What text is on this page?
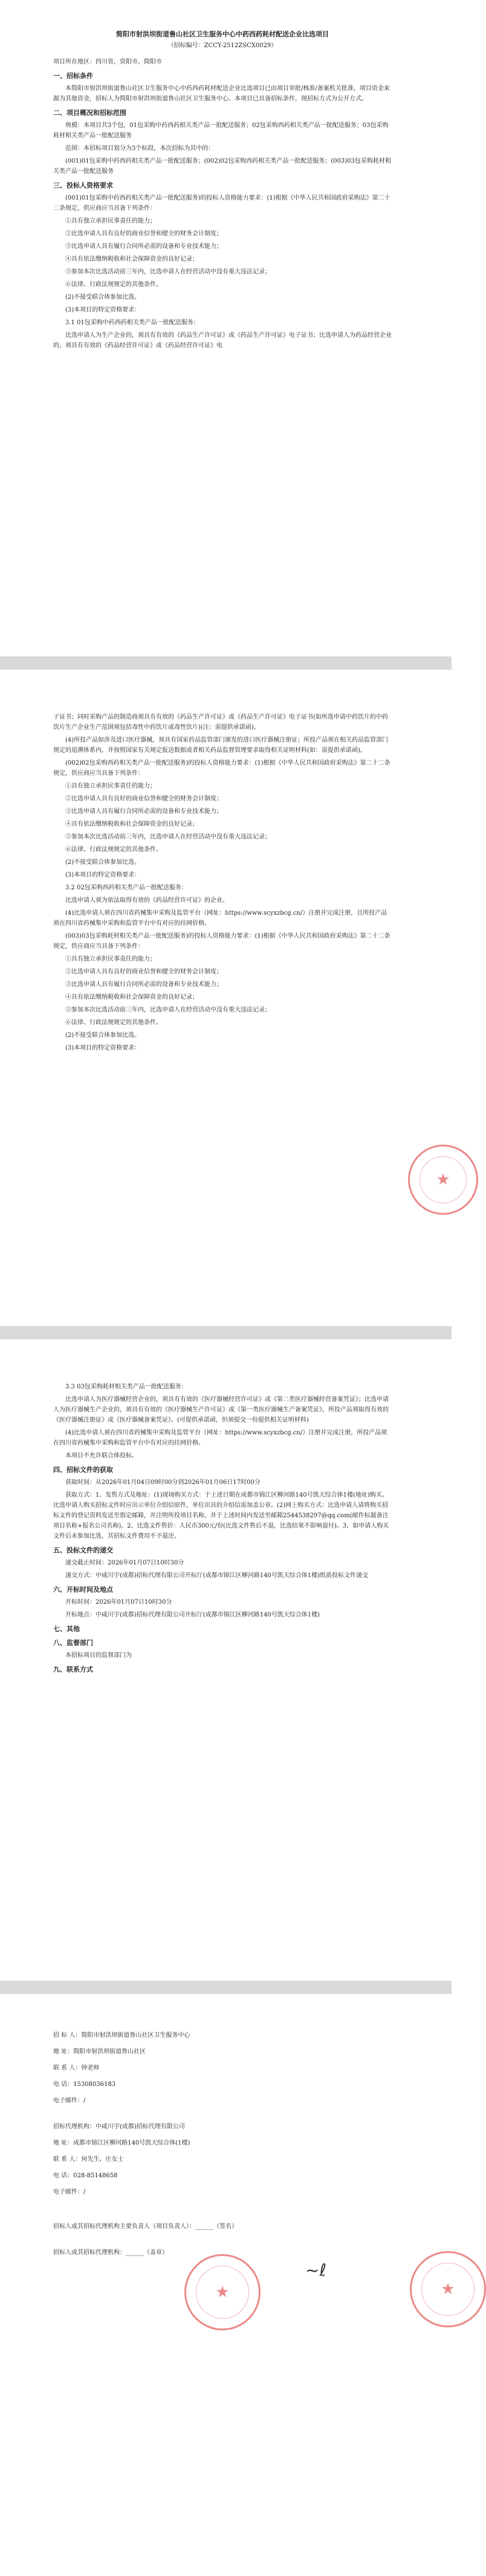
简阳市射洪坝街道鲁山社区卫生服务中心中药西药耗材配送企业比选项目
（招标编号：ZCCY-2512ZSCX0029）

项目所在地区：四川省，资阳市，简阳市

一、招标条件

本简阳市射洪坝街道鲁山社区卫生服务中心中药西药耗材配送企业比选项目已由项目审批/核准/备案机关批准，项目资金来源为其他资金，招标人为简阳市射洪坝街道鲁山社区卫生服务中心。本项目已具备招标条件，现招标方式为公开方式。

二、项目概况和招标范围

规模：本项目共3个包，01包采购中药西药相关类产品一批配送服务；02包采购西药相关类产品一批配送服务；03包采购耗材相关类产品一批配送服务

范围：本招标项目划分为3个标段，本次招标为其中的：

(001)01包采购中药西药相关类产品一批配送服务；(002)02包采购西药相关类产品一批配送服务；(003)03包采购耗材相关类产品一批配送服务

三、投标人资格要求

(001)01包采购中药西药相关类产品一批配送服务)的投标人资格能力要求：(1)根据《中华人民共和国政府采购法》第二十二条规定，供应商应当具备下列条件：

①具有独立承担民事责任的能力；

②比选申请人具有良好的商业信誉和健全的财务会计制度；

③比选申请人具有履行合同所必需的设备和专业技术能力；

④具有依法缴纳税收和社会保障资金的良好记录；

⑤参加本次比选活动前三年内，比选申请人在经营活动中没有重大违法记录；

⑥法律、行政法规规定的其他条件。

(2)不接受联合体参加比选。

(3)本项目的特定资格要求：

3.1 01包采购中药西药相关类产品一批配送服务：

比选申请人为生产企业的，须具有有效的《药品生产许可证》或《药品生产许可证》电子证书；比选申请人为药品经营企业的，须具有有效的《药品经营许可证》或《药品经营许可证》电

子证书；同时采购产品的制造商须具有有效的《药品生产许可证》或《药品生产许可证》电子证书(如所选申请中药饮片的中药饮片生产企业生产范围须包括毒性中药饮片或毒性饮片)(注：需提供承诺函)。

(4)所投产品如涉及进口医疗器械，须具有国家药品监管部门颁发的进口医疗器械注册证；所投产品须在相关药品监管部门规定的追溯体系内，并按照国家有关规定报送数据或者相关药品监督管理要求取得相关证明材料(如：需提供承诺函)。

(002)02包采购西药相关类产品一批配送服务)的投标人资格能力要求：(1)根据《中华人民共和国政府采购法》第二十二条规定，供应商应当具备下列条件：

①具有独立承担民事责任的能力；

②比选申请人具有良好的商业信誉和健全的财务会计制度；

③比选申请人具有履行合同所必需的设备和专业技术能力；

④具有依法缴纳税收和社会保障资金的良好记录；

⑤参加本次比选活动前三年内，比选申请人在经营活动中没有重大违法记录；

⑥法律、行政法规规定的其他条件。

(2)不接受联合体参加比选。

(3)本项目的特定资格要求：

3.2 02包采购西药相关类产品一批配送服务：

比选申请人须为依法取得有效的《药品经营许可证》的企业。

(4)比选申请人须在四川省药械集中采购及监管平台（网址：https://www.scyxzbcg.cn/）注册并完成注册，且所投产品须在四川省药械集中采购和监管平台中有对应的挂网价格。

(003)03包采购耗材相关类产品一批配送服务)的投标人资格能力要求：(1)根据《中华人民共和国政府采购法》第二十二条规定，供应商应当具备下列条件：

①具有独立承担民事责任的能力；

②比选申请人具有良好的商业信誉和健全的财务会计制度；

③比选申请人具有履行合同所必需的设备和专业技术能力；

④具有依法缴纳税收和社会保障资金的良好记录；

⑤参加本次比选活动前三年内，比选申请人在经营活动中没有重大违法记录；

⑥法律、行政法规规定的其他条件。

(2)不接受联合体参加比选。

(3)本项目的特定资格要求：

★

3.3 03包采购耗材相关类产品一批配送服务：

比选申请人为医疗器械经营企业的，须具有有效的《医疗器械经营许可证》或《第二类医疗器械经营备案凭证》；比选申请人为医疗器械生产企业的，须具有有效的《医疗器械生产许可证》或《第一类医疗器械生产备案凭证》，所投产品须取得有效的《医疗器械注册证》或《医疗器械备案凭证》。(可提供承诺函，但须提交一份提供相关证明材料)

(4)比选申请人须在四川省药械集中采购及监管平台（网址：https://www.scyxzbcg.cn/）注册并完成注册，所投产品须在四川省药械集中采购和监管平台中有对应的挂网价格。

本项目不允许联合体投标。

四、招标文件的获取

获取时间：从2026年01月04日09时00分到2026年01月06日17时00分

获取方式：1、发售方式及地址：(1)现场购买方式：于上述日期在成都市锦江区柳河路140号凯天综合体1楼(地址)购买。比选申请人购买招标文件时应出示单位介绍信原件，单位出具的介绍信需加盖公章。(2)网上购买方式：比选申请人请将购买招标文件的登记资料发送至指定邮箱，并注明所投项目名称，并于上述时间内发送至邮箱2544538297@qq.com(邮件标题备注项目名称+报名公司名称)。2、比选文件售价：人民币300元/份(比选文件售后不退，比选结果不影响退付)。3、如申请人购买文件后未参加比选，其招标文件费用不予退还。

五、投标文件的递交

递交截止时间：2026年01月07日10时30分

递交方式：中咸川宇(成都)招标代理有限公司开标厅(成都市锦江区柳河路140号凯天综合体1楼)纸质投标文件递交

六、开标时间及地点

开标时间：2026年01月07日10时30分

开标地点：中咸川宇(成都)招标代理有限公司开标厅(成都市锦江区柳河路140号凯天综合体1楼)

七、其他

八、监督部门

本招标项目的监督部门为

九、联系方式

招 标 人：简阳市射洪坝街道鲁山社区卫生服务中心

地 址：简阳市射洪坝街道鲁山社区

联 系 人：钟老师

电 话：15308036183

电子邮件：/

招标代理机构：中咸川宇(成都)招标代理有限公司

地 址：成都市锦江区柳河路140号凯天综合体(1楼)

联 系 人：何先生、庄女士

电 话：028-85148658

电子邮件：/

招标人或其招标代理机构主要负责人（项目负责人）：______（签名）

招标人或其招标代理机构：______（盖章）

~ℓ
★	★
